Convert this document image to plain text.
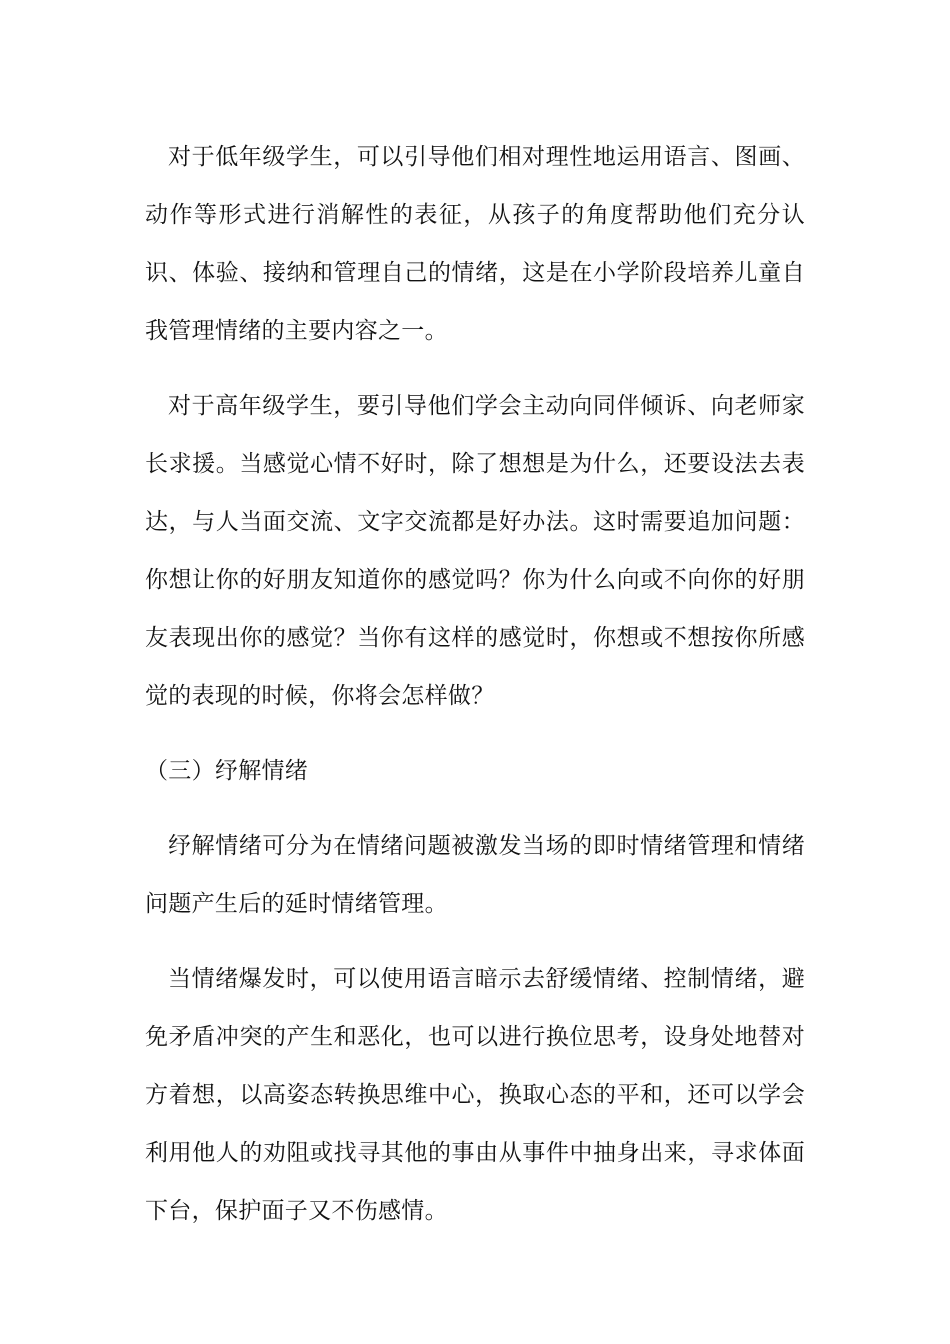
对于低年级学生，可以引导他们相对理性地运用语言、图画、动作等形式进行消解性的表征，从孩子的角度帮助他们充分认识、体验、接纳和管理自己的情绪，这是在小学阶段培养儿童自我管理情绪的主要内容之一。

对于高年级学生，要引导他们学会主动向同伴倾诉、向老师家长求援。当感觉心情不好时，除了想想是为什么，还要设法去表达，与人当面交流、文字交流都是好办法。这时需要追加问题：你想让你的好朋友知道你的感觉吗？你为什么向或不向你的好朋友表现出你的感觉？当你有这样的感觉时，你想或不想按你所感觉的表现的时候，你将会怎样做？

（三）纾解情绪

纾解情绪可分为在情绪问题被激发当场的即时情绪管理和情绪问题产生后的延时情绪管理。

当情绪爆发时，可以使用语言暗示去舒缓情绪、控制情绪，避免矛盾冲突的产生和恶化，也可以进行换位思考，设身处地替对方着想，以高姿态转换思维中心，换取心态的平和，还可以学会利用他人的劝阻或找寻其他的事由从事件中抽身出来，寻求体面下台，保护面子又不伤感情。
